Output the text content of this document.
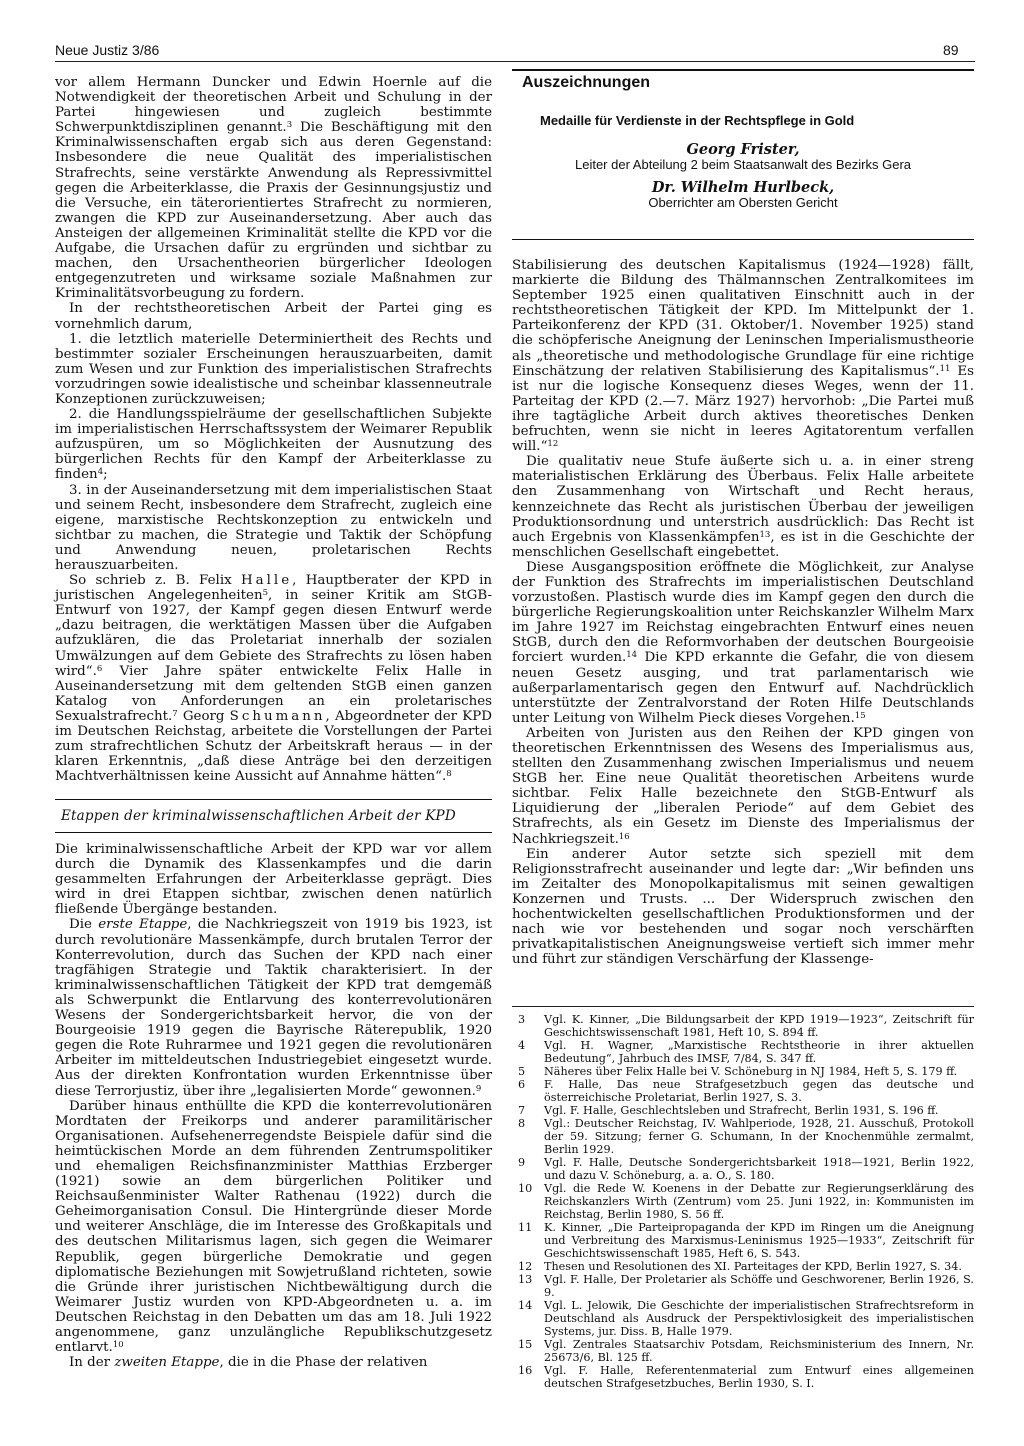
Neue Justiz 3/86	89

vor allem Hermann Duncker und Edwin Hoernle auf die Notwendigkeit der theoretischen Arbeit und Schulung in der Partei hingewiesen und zugleich bestimmte Schwerpunktdisziplinen genannt.$^3$ Die Beschäftigung mit den Kriminalwissenschaften ergab sich aus deren Gegenstand: Insbesondere die neue Qualität des imperialistischen Strafrechts, seine verstärkte Anwendung als Repressivmittel gegen die Arbeiterklasse, die Praxis der Gesinnungsjustiz und die Versuche, ein täterorientiertes Strafrecht zu normieren, zwangen die KPD zur Auseinandersetzung. Aber auch das Ansteigen der allgemeinen Kriminalität stellte die KPD vor die Aufgabe, die Ursachen dafür zu ergründen und sichtbar zu machen, den Ursachentheorien bürgerlicher Ideologen entgegenzutreten und wirksame soziale Maßnahmen zur Kriminalitätsvorbeugung zu fordern.

In der rechtstheoretischen Arbeit der Partei ging es vornehmlich darum,

1. die letztlich materielle Determiniertheit des Rechts und bestimmter sozialer Erscheinungen herauszuarbeiten, damit zum Wesen und zur Funktion des imperialistischen Strafrechts vorzudringen sowie idealistische und scheinbar klassenneutrale Konzeptionen zurückzuweisen;

2. die Handlungsspielräume der gesellschaftlichen Subjekte im imperialistischen Herrschaftssystem der Weimarer Republik aufzuspüren, um so Möglichkeiten der Ausnutzung des bürgerlichen Rechts für den Kampf der Arbeiterklasse zu finden$^4$;

3. in der Auseinandersetzung mit dem imperialistischen Staat und seinem Recht, insbesondere dem Strafrecht, zugleich eine eigene, marxistische Rechtskonzeption zu entwickeln und sichtbar zu machen, die Strategie und Taktik der Schöpfung und Anwendung neuen, proletarischen Rechts herauszuarbeiten.

So schrieb z. B. Felix Halle, Hauptberater der KPD in juristischen Angelegenheiten$^5$, in seiner Kritik am StGB-Entwurf von 1927, der Kampf gegen diesen Entwurf werde „dazu beitragen, die werktätigen Massen über die Aufgaben aufzuklären, die das Proletariat innerhalb der sozialen Umwälzungen auf dem Gebiete des Strafrechts zu lösen haben wird“.$^6$ Vier Jahre später entwickelte Felix Halle in Auseinandersetzung mit dem geltenden StGB einen ganzen Katalog von Anforderungen an ein proletarisches Sexualstrafrecht.$^7$ Georg Schumann, Abgeordneter der KPD im Deutschen Reichstag, arbeitete die Vorstellungen der Partei zum strafrechtlichen Schutz der Arbeitskraft heraus — in der klaren Erkenntnis, „daß diese Anträge bei den derzeitigen Machtverhältnissen keine Aussicht auf Annahme hätten“.$^8$

Etappen der kriminalwissenschaftlichen Arbeit der KPD

Die kriminalwissenschaftliche Arbeit der KPD war vor allem durch die Dynamik des Klassenkampfes und die darin gesammelten Erfahrungen der Arbeiterklasse geprägt. Dies wird in drei Etappen sichtbar, zwischen denen natürlich fließende Übergänge bestanden.

Die erste Etappe, die Nachkriegszeit von 1919 bis 1923, ist durch revolutionäre Massenkämpfe, durch brutalen Terror der Konterrevolution, durch das Suchen der KPD nach einer tragfähigen Strategie und Taktik charakterisiert. In der kriminalwissenschaftlichen Tätigkeit der KPD trat demgemäß als Schwerpunkt die Entlarvung des konterrevolutionären Wesens der Sondergerichtsbarkeit hervor, die von der Bourgeoisie 1919 gegen die Bayrische Räterepublik, 1920 gegen die Rote Ruhrarmee und 1921 gegen die revolutionären Arbeiter im mitteldeutschen Industriegebiet eingesetzt wurde. Aus der direkten Konfrontation wurden Erkenntnisse über diese Terrorjustiz, über ihre „legalisierten Morde“ gewonnen.$^9$

Darüber hinaus enthüllte die KPD die konterrevolutionären Mordtaten der Freikorps und anderer paramilitärischer Organisationen. Aufsehenerregendste Beispiele dafür sind die heimtückischen Morde an dem führenden Zentrumspolitiker und ehemaligen Reichsfinanzminister Matthias Erzberger (1921) sowie an dem bürgerlichen Politiker und Reichsaußenminister Walter Rathenau (1922) durch die Geheimorganisation Consul. Die Hintergründe dieser Morde und weiterer Anschläge, die im Interesse des Großkapitals und des deutschen Militarismus lagen, sich gegen die Weimarer Republik, gegen bürgerliche Demokratie und gegen diplomatische Beziehungen mit Sowjetrußland richteten, sowie die Gründe ihrer juristischen Nichtbewältigung durch die Weimarer Justiz wurden von KPD-Abgeordneten u. a. im Deutschen Reichstag in den Debatten um das am 18. Juli 1922 angenommene, ganz unzulängliche Republikschutzgesetz entlarvt.$^{10}$

In der zweiten Etappe, die in die Phase der relativen

Auszeichnungen
Medaille für Verdienste in der Rechtspflege in Gold
Georg Frister,
Leiter der Abteilung 2 beim Staatsanwalt des Bezirks Gera
Dr. Wilhelm Hurlbeck,
Oberrichter am Obersten Gericht

Stabilisierung des deutschen Kapitalismus (1924—1928) fällt, markierte die Bildung des Thälmannschen Zentralkomitees im September 1925 einen qualitativen Einschnitt auch in der rechtstheoretischen Tätigkeit der KPD. Im Mittelpunkt der 1. Parteikonferenz der KPD (31. Oktober/1. November 1925) stand die schöpferische Aneignung der Leninschen Imperialismustheorie als „theoretische und methodologische Grundlage für eine richtige Einschätzung der relativen Stabilisierung des Kapitalismus“.$^{11}$ Es ist nur die logische Konsequenz dieses Weges, wenn der 11. Parteitag der KPD (2.—7. März 1927) hervorhob: „Die Partei muß ihre tagtägliche Arbeit durch aktives theoretisches Denken befruchten, wenn sie nicht in leeres Agitatorentum verfallen will.“$^{12}$

Die qualitativ neue Stufe äußerte sich u. a. in einer streng materialistischen Erklärung des Überbaus. Felix Halle arbeitete den Zusammenhang von Wirtschaft und Recht heraus, kennzeichnete das Recht als juristischen Überbau der jeweiligen Produktionsordnung und unterstrich ausdrücklich: Das Recht ist auch Ergebnis von Klassenkämpfen$^{13}$, es ist in die Geschichte der menschlichen Gesellschaft eingebettet.

Diese Ausgangsposition eröffnete die Möglichkeit, zur Analyse der Funktion des Strafrechts im imperialistischen Deutschland vorzustoßen. Plastisch wurde dies im Kampf gegen den durch die bürgerliche Regierungskoalition unter Reichskanzler Wilhelm Marx im Jahre 1927 im Reichstag eingebrachten Entwurf eines neuen StGB, durch den die Reformvorhaben der deutschen Bourgeoisie forciert wurden.$^{14}$ Die KPD erkannte die Gefahr, die von diesem neuen Gesetz ausging, und trat parlamentarisch wie außerparlamentarisch gegen den Entwurf auf. Nachdrücklich unterstützte der Zentralvorstand der Roten Hilfe Deutschlands unter Leitung von Wilhelm Pieck dieses Vorgehen.$^{15}$

Arbeiten von Juristen aus den Reihen der KPD gingen von theoretischen Erkenntnissen des Wesens des Imperialismus aus, stellten den Zusammenhang zwischen Imperialismus und neuem StGB her. Eine neue Qualität theoretischen Arbeitens wurde sichtbar. Felix Halle bezeichnete den StGB-Entwurf als Liquidierung der „liberalen Periode“ auf dem Gebiet des Strafrechts, als ein Gesetz im Dienste des Imperialismus der Nachkriegszeit.$^{16}$

Ein anderer Autor setzte sich speziell mit dem Religionsstrafrecht auseinander und legte dar: „Wir befinden uns im Zeitalter des Monopolkapitalismus mit seinen gewaltigen Konzernen und Trusts. ... Der Widerspruch zwischen den hochentwickelten gesellschaftlichen Produktionsformen und der nach wie vor bestehenden und sogar noch verschärften privatkapitalistischen Aneignungsweise vertieft sich immer mehr und führt zur ständigen Verschärfung der Klassenge-

3	Vgl. K. Kinner, „Die Bildungsarbeit der KPD 1919—1923“, Zeitschrift für Geschichtswissenschaft 1981, Heft 10, S. 894 ff.
4	Vgl. H. Wagner, „Marxistische Rechtstheorie in ihrer aktuellen Bedeutung“, Jahrbuch des IMSF, 7/84, S. 347 ff.
5	Näheres über Felix Halle bei V. Schöneburg in NJ 1984, Heft 5, S. 179 ff.
6	F. Halle, Das neue Strafgesetzbuch gegen das deutsche und österreichische Proletariat, Berlin 1927, S. 3.
7	Vgl. F. Halle, Geschlechtsleben und Strafrecht, Berlin 1931, S. 196 ff.
8	Vgl.: Deutscher Reichstag, IV. Wahlperiode, 1928, 21. Ausschuß, Protokoll der 59. Sitzung; ferner G. Schumann, In der Knochenmühle zermalmt, Berlin 1929.
9	Vgl. F. Halle, Deutsche Sondergerichtsbarkeit 1918—1921, Berlin 1922, und dazu V. Schöneburg, a. a. O., S. 180.
10	Vgl. die Rede W. Koenens in der Debatte zur Regierungserklärung des Reichskanzlers Wirth (Zentrum) vom 25. Juni 1922, in: Kommunisten im Reichstag, Berlin 1980, S. 56 ff.
11	K. Kinner, „Die Parteipropaganda der KPD im Ringen um die Aneignung und Verbreitung des Marxismus-Leninismus 1925—1933“, Zeitschrift für Geschichtswissenschaft 1985, Heft 6, S. 543.
12	Thesen und Resolutionen des XI. Parteitages der KPD, Berlin 1927, S. 34.
13	Vgl. F. Halle, Der Proletarier als Schöffe und Geschworener, Berlin 1926, S. 9.
14	Vgl. L. Jelowik, Die Geschichte der imperialistischen Strafrechtsreform in Deutschland als Ausdruck der Perspektivlosigkeit des imperialistischen Systems, jur. Diss. B, Halle 1979.
15	Vgl. Zentrales Staatsarchiv Potsdam, Reichsministerium des Innern, Nr. 25673/6, Bl. 125 ff.
16	Vgl. F. Halle, Referentenmaterial zum Entwurf eines allgemeinen deutschen Strafgesetzbuches, Berlin 1930, S. I.
